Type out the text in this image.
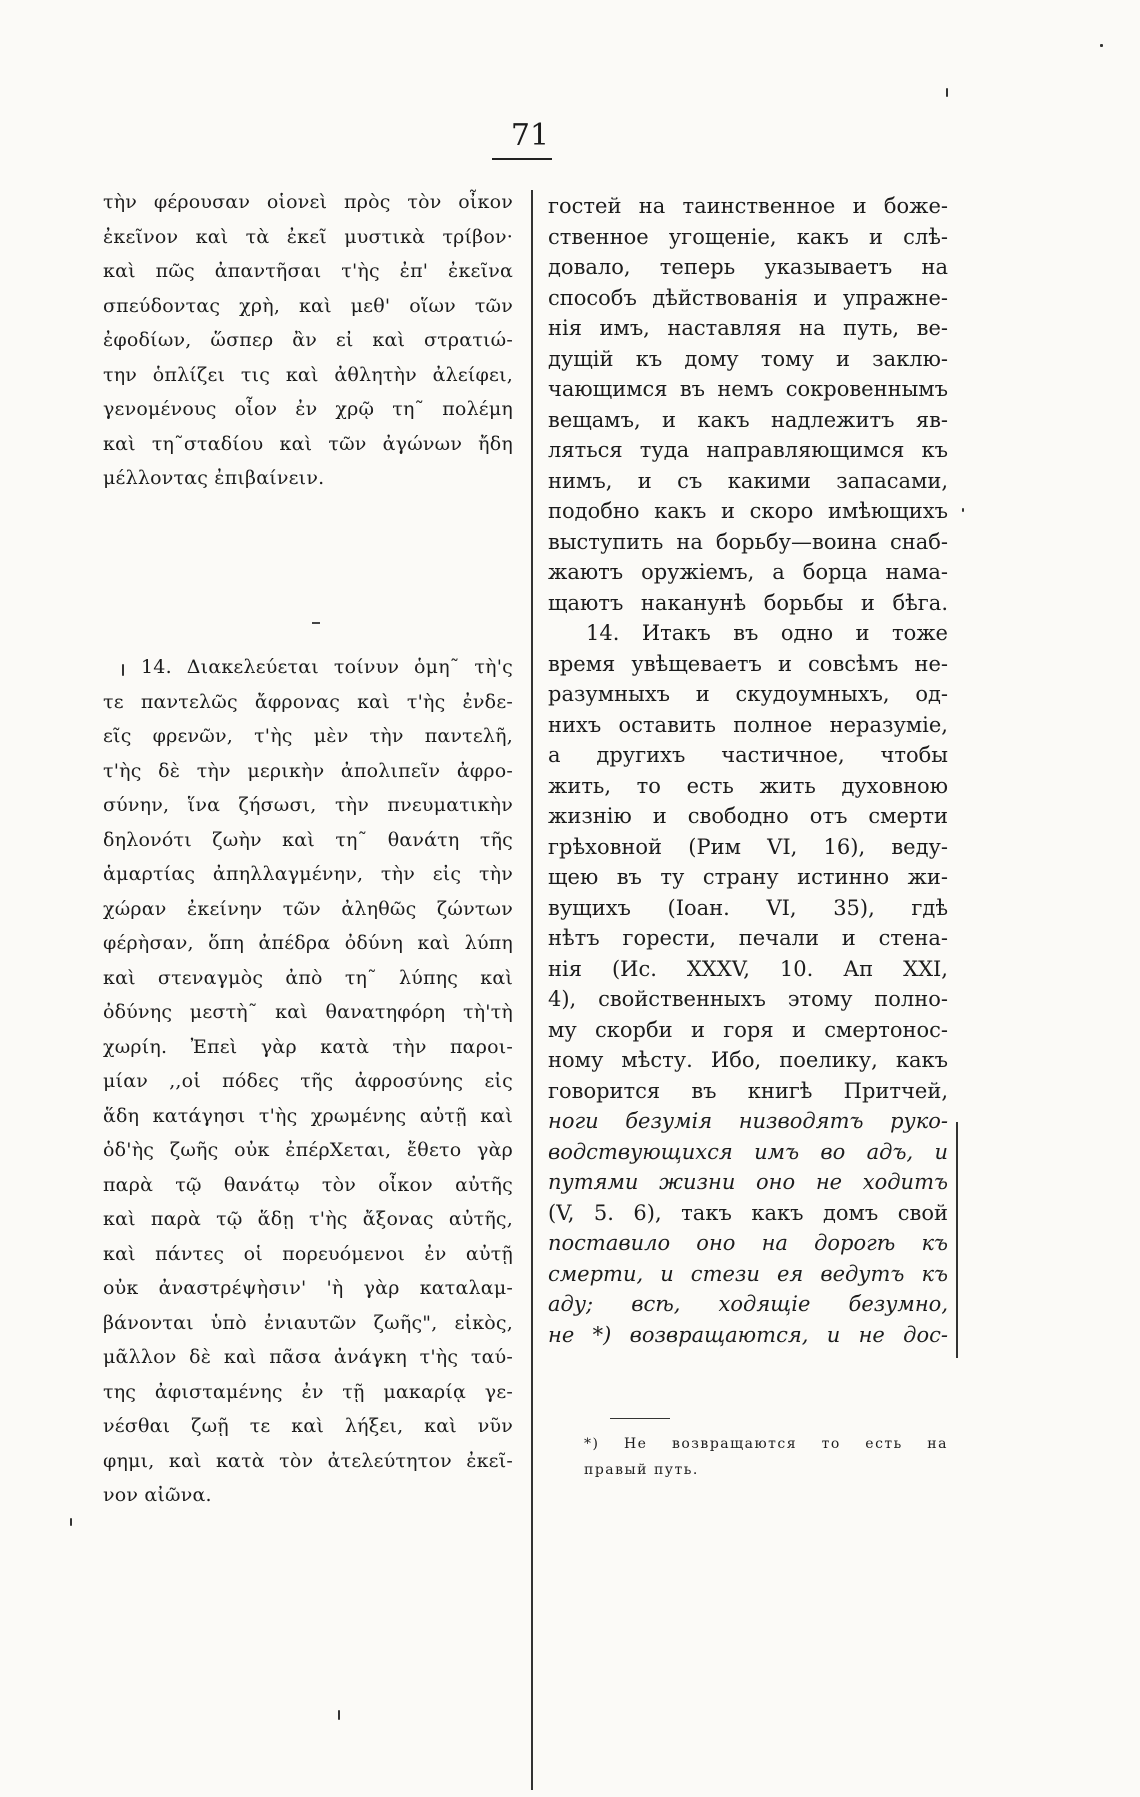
71
τὴν φέρουσαν οἱονεὶ πρὸς τὸν οἶκον
ἐκεῖνον καὶ τὰ ἐκεῖ μυστικὰ τρίβον·
καὶ πῶς ἀπαντῆσαι τ'ὴς ἐπ' ἐκεῖνα
σπεύδοντας χρὴ, καὶ μεθ' οἵων τῶν
ἐφοδίων, ὥσπερ ἂν εἰ καὶ στρατιώ-
την ὁπλίζει τις καὶ ἀθλητὴν ἀλείφει,
γενομένους οἷον ἐν χρῷ τη῀ πολέμη
καὶ τη῀σταδίου καὶ τῶν ἀγώνων ἤδη
μέλλοντας ἐπιβαίνειν.
14. Διακελεύεται τοίνυν ὁμη῀ τὴ'ς
τε παντελῶς ἄφρονας καὶ τ'ὴς ἐνδε-
εῖς φρενῶν, τ'ὴς μὲν τὴν παντελῆ,
τ'ὴς δὲ τὴν μερικὴν ἀπολιπεῖν ἀφρο-
σύνην, ἵνα ζήσωσι, τὴν πνευματικὴν
δηλονότι ζωὴν καὶ τη῀ θανάτη τῆς
ἁμαρτίας ἀπηλλαγμένην, τὴν εἰς τὴν
χώραν ἐκείνην τῶν ἀληθῶς ζώντων
φέρὴσαν, ὅπη ἀπέδρα ὀδύνη καὶ λύπη
καὶ στεναγμὸς ἀπὸ τη῀ λύπης καὶ
ὀδύνης μεστὴ῀ καὶ θανατηφόρη τὴ'τὴ
χωρίη. Ἐπεὶ γὰρ κατὰ τὴν παροι-
μίαν ,,οἱ πόδες τῆς ἀφροσύνης εἰς
ἅδη κατάγησι τ'ὴς χρωμένης αὐτῇ καὶ
ὁδ'ὴς ζωῆς οὐκ ἐπέρΧεται, ἔθετο γὰρ
παρὰ τῷ θανάτῳ τὸν οἶκον αὐτῆς
καὶ παρὰ τῷ ἅδῃ τ'ὴς ἄξονας αὐτῆς,
καὶ πάντες οἱ πορευόμενοι ἐν αὐτῇ
οὐκ ἀναστρέψὴσιν' 'ὴ γὰρ καταλαμ-
βάνονται ὑπὸ ἐνιαυτῶν ζωῆς", εἰκὸς,
μᾶλλον δὲ καὶ πᾶσα ἀνάγκη τ'ὴς ταύ-
της ἀφισταμένης ἐν τῇ μακαρίᾳ γε-
νέσθαι ζωῇ τε καὶ λήξει, καὶ νῦν
φημι, καὶ κατὰ τὸν ἀτελεύτητον ἐκεῖ-
νον αἰῶνα.
гостей на таинственное и боже-
ственное угощеніе, какъ и слѣ-
довало, теперь указываетъ на
способъ дѣйствованія и упражне-
нія имъ, наставляя на путь, ве-
дущій къ дому тому и заклю-
чающимся въ немъ сокровеннымъ
вещамъ, и какъ надлежитъ яв-
ляться туда направляющимся къ
нимъ, и съ какими запасами,
подобно какъ и скоро имѣющихъ
выступить на борьбу—воина снаб-
жаютъ оружіемъ, а борца нама-
щаютъ наканунѣ борьбы и бѣга.
14. Итакъ въ одно и тоже
время увѣщеваетъ и совсѣмъ не-
разумныхъ и скудоумныхъ, од-
нихъ оставить полное неразуміе,
а другихъ частичное, чтобы
жить, то есть жить духовною
жизнію и свободно отъ смерти
грѣховной (Рим VI, 16), веду-
щею въ ту страну истинно жи-
вущихъ (Іоан. VI, 35), гдѣ
нѣтъ горести, печали и стена-
нія (Ис. XXXV, 10. Ап XXI,
4), свойственныхъ этому полно-
му скорби и горя и смертонос-
ному мѣсту. Ибо, поелику, какъ
говорится въ книгѣ Притчей,
ноги безумія низводятъ руко-
водствующихся имъ во адъ, и
путями жизни оно не ходитъ
(V, 5. 6), такъ какъ домъ свой
поставило оно на дорогѣ къ
смерти, и стези ея ведутъ къ
аду; всѣ, ходящіе безумно,
не *) возвращаются, и не дос-
*) Не возвращаются то есть на
правый путь.
